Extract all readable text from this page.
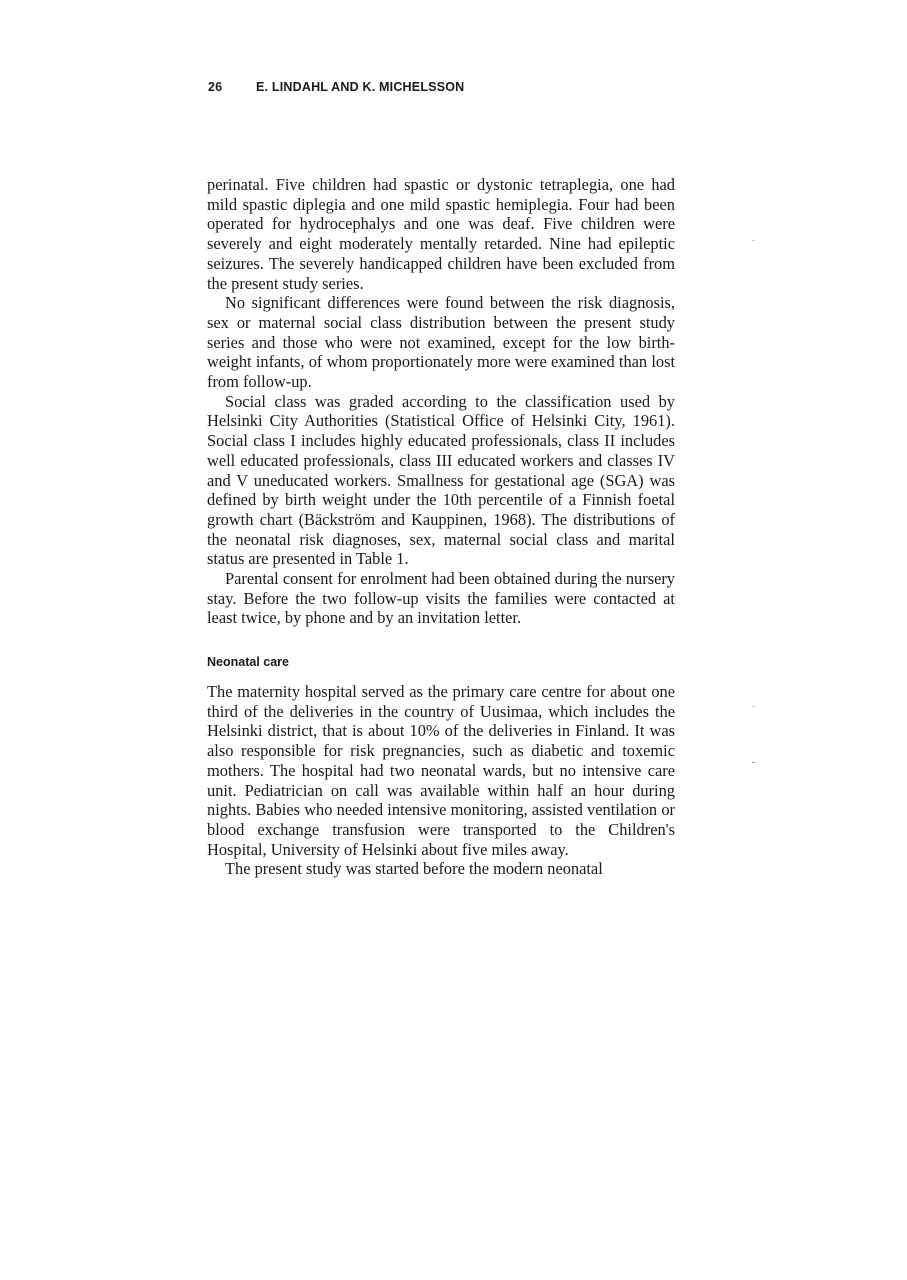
26	E. LINDAHL AND K. MICHELSSON

perinatal. Five children had spastic or dystonic tetraplegia, one had mild spastic diplegia and one mild spastic hemiplegia. Four had been operated for hydrocephalys and one was deaf. Five children were severely and eight moderately mentally retarded. Nine had epileptic seizures. The severely handicapped children have been excluded from the present study series.

No significant differences were found between the risk diagnosis, sex or maternal social class distribution between the present study series and those who were not examined, except for the low birth-weight infants, of whom proportionately more were examined than lost from follow-up.

Social class was graded according to the classification used by Helsinki City Authorities (Statistical Office of Helsinki City, 1961). Social class I includes highly educated professionals, class II includes well educated professionals, class III educated workers and classes IV and V uneducated workers. Smallness for gestational age (SGA) was defined by birth weight under the 10th percentile of a Finnish foetal growth chart (Bäckström and Kauppinen, 1968). The distributions of the neonatal risk diagnoses, sex, maternal social class and marital status are presented in Table 1.

Parental consent for enrolment had been obtained during the nursery stay. Before the two follow-up visits the families were contacted at least twice, by phone and by an invitation letter.

Neonatal care

The maternity hospital served as the primary care centre for about one third of the deliveries in the country of Uusimaa, which includes the Helsinki district, that is about 10% of the deliveries in Finland. It was also responsible for risk pregnancies, such as diabetic and toxemic mothers. The hospital had two neonatal wards, but no intensive care unit. Pediatrician on call was available within half an hour during nights. Babies who needed intensive monitoring, assisted ventilation or blood exchange transfusion were transported to the Children's Hospital, University of Helsinki about five miles away.

The present study was started before the modern neonatal
